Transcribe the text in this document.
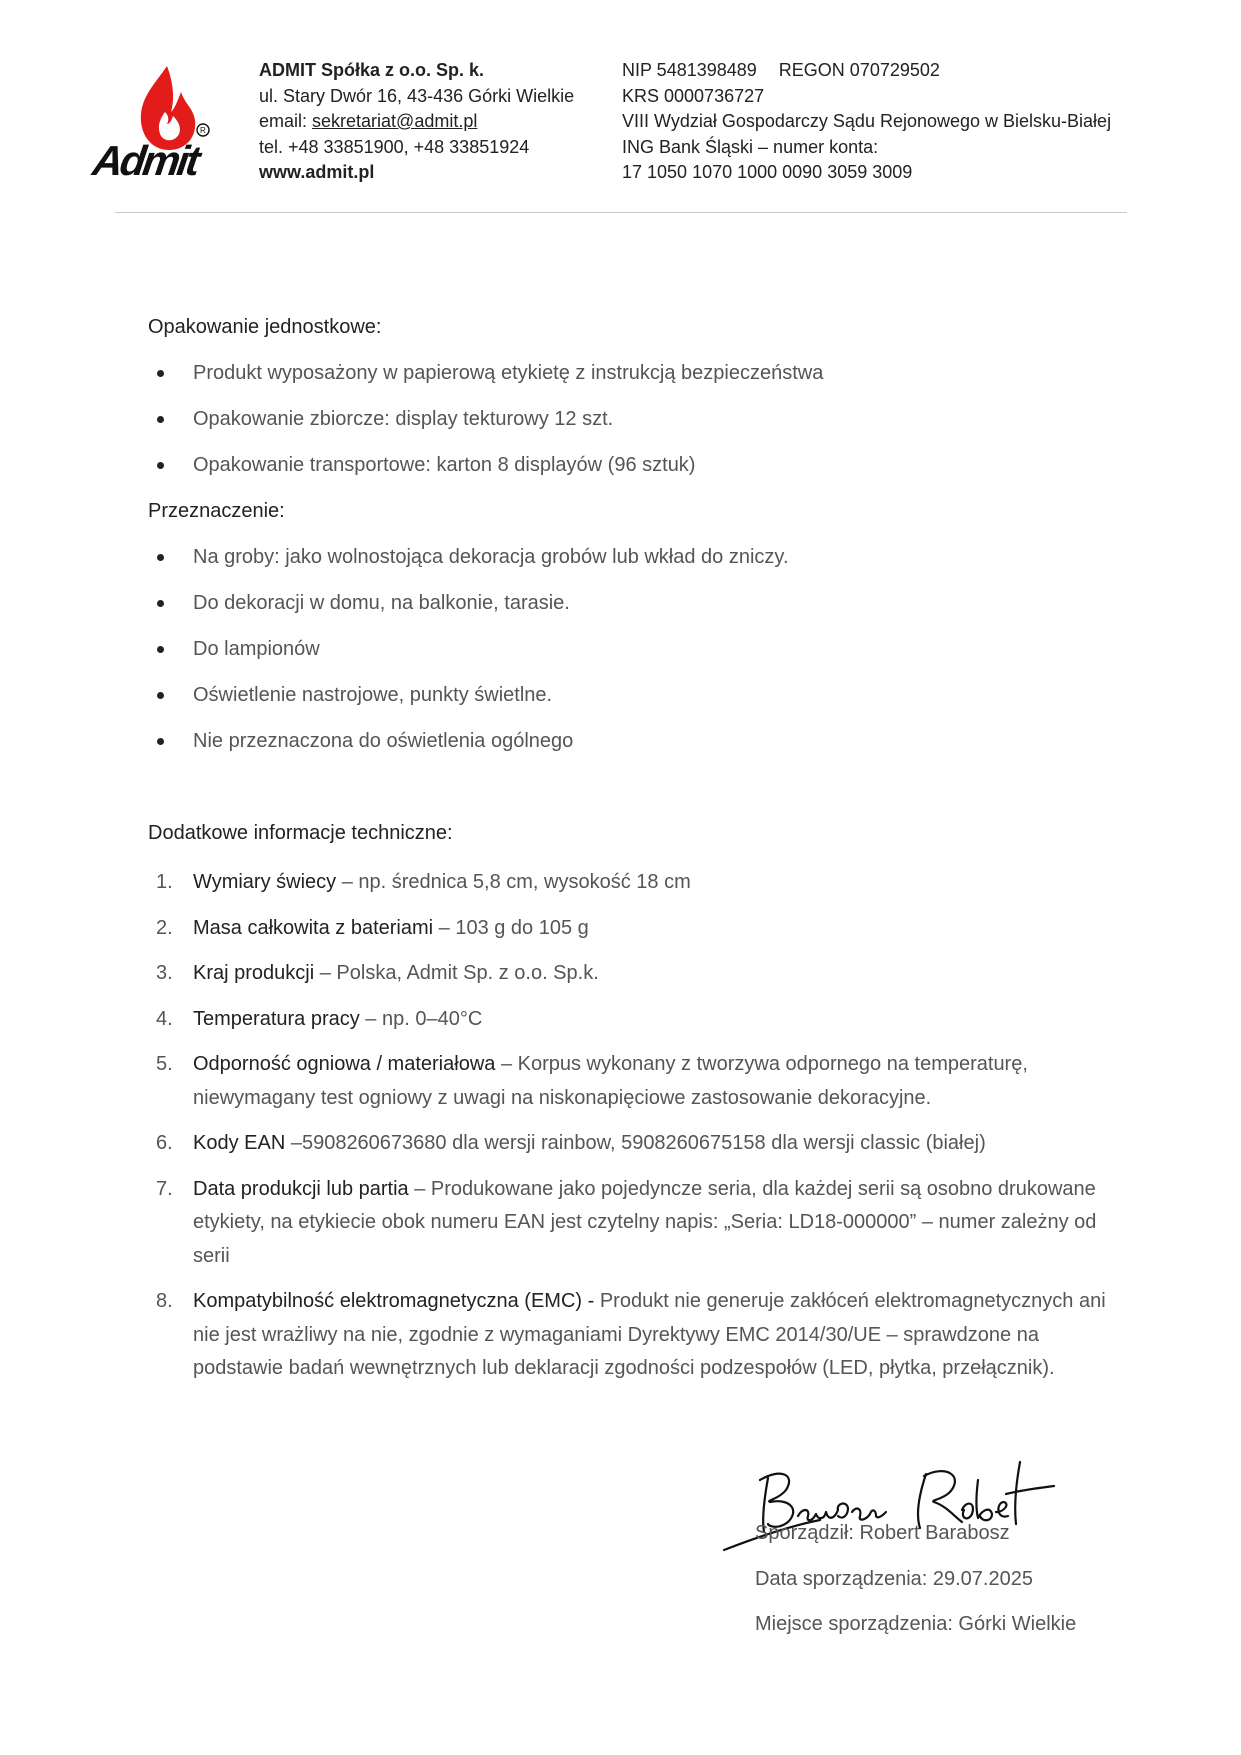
R
Admit
ADMIT Spółka z o.o. Sp. k.
ul. Stary Dwór 16, 43-436 Górki Wielkie
email: sekretariat@admit.pl
tel. +48 33851900, +48 33851924
www.admit.pl
NIP 5481398489 REGON 070729502
KRS 0000736727
VIII Wydział Gospodarczy Sądu Rejonowego w Bielsku-Białej
ING Bank Śląski – numer konta:
17 1050 1070 1000 0090 3059 3009
Opakowanie jednostkowe:
Produkt wyposażony w papierową etykietę z instrukcją bezpieczeństwa
Opakowanie zbiorcze: display tekturowy 12 szt.
Opakowanie transportowe: karton 8 displayów (96 sztuk)
Przeznaczenie:
Na groby: jako wolnostojąca dekoracja grobów lub wkład do zniczy.
Do dekoracji w domu, na balkonie, tarasie.
Do lampionów
Oświetlenie nastrojowe, punkty świetlne.
Nie przeznaczona do oświetlenia ogólnego
Dodatkowe informacje techniczne:
1. Wymiary świecy – np. średnica 5,8 cm, wysokość 18 cm
2. Masa całkowita z bateriami – 103 g do 105 g
3. Kraj produkcji – Polska, Admit Sp. z o.o. Sp.k.
4. Temperatura pracy – np. 0–40°C
5. Odporność ogniowa / materiałowa – Korpus wykonany z tworzywa odpornego na temperaturę, niewymagany test ogniowy z uwagi na niskonapięciowe zastosowanie dekoracyjne.
6. Kody EAN –5908260673680 dla wersji rainbow, 5908260675158 dla wersji classic (białej)
7. Data produkcji lub partia – Produkowane jako pojedyncze seria, dla każdej serii są osobno drukowane etykiety, na etykiecie obok numeru EAN jest czytelny napis: „Seria: LD18-000000” – numer zależny od serii
8. Kompatybilność elektromagnetyczna (EMC) - Produkt nie generuje zakłóceń elektromagnetycznych ani nie jest wrażliwy na nie, zgodnie z wymaganiami Dyrektywy EMC 2014/30/UE – sprawdzone na podstawie badań wewnętrznych lub deklaracji zgodności podzespołów (LED, płytka, przełącznik).
Sporządził: Robert Barabosz
Data sporządzenia: 29.07.2025
Miejsce sporządzenia: Górki Wielkie
